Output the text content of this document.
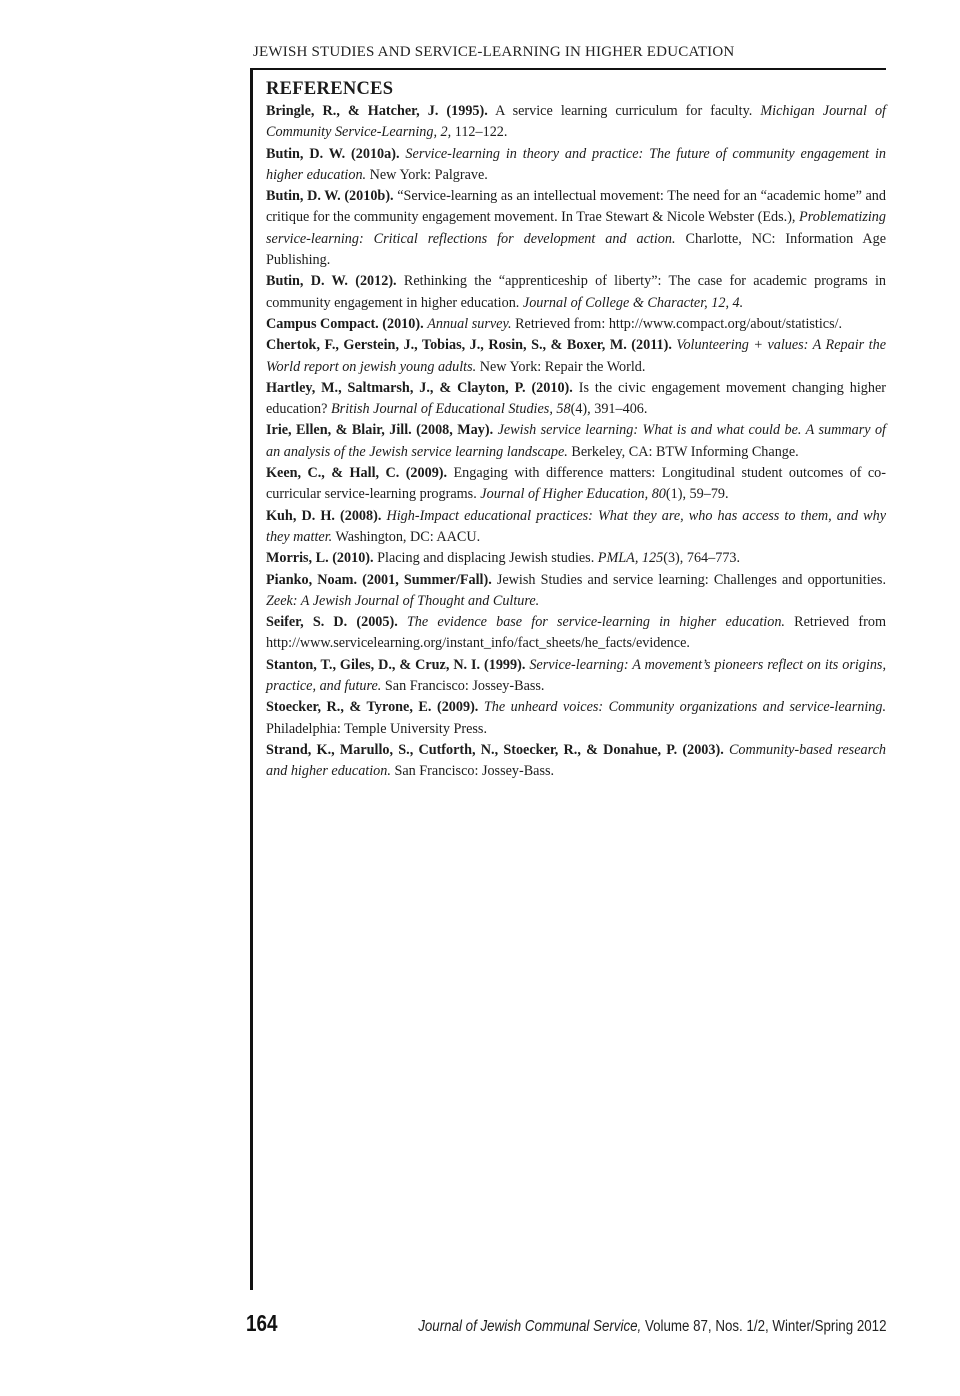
JEWISH STUDIES AND SERVICE-LEARNING IN HIGHER EDUCATION
REFERENCES

Bringle, R., & Hatcher, J. (1995). A service learning curriculum for faculty. Michigan Journal of Community Service-Learning, 2, 112–122.

Butin, D. W. (2010a). Service-learning in theory and practice: The future of community engagement in higher education. New York: Palgrave.

Butin, D. W. (2010b). “Service-learning as an intellectual movement: The need for an “academic home” and critique for the community engagement movement. In Trae Stewart & Nicole Webster (Eds.), Problematizing service-learning: Critical reflections for development and action. Charlotte, NC: Information Age Publishing.

Butin, D. W. (2012). Rethinking the “apprenticeship of liberty”: The case for academic programs in community engagement in higher education. Journal of College & Character, 12, 4.

Campus Compact. (2010). Annual survey. Retrieved from: http://www.compact.org/about/statistics/.

Chertok, F., Gerstein, J., Tobias, J., Rosin, S., & Boxer, M. (2011). Volunteering + values: A Repair the World report on jewish young adults. New York: Repair the World.

Hartley, M., Saltmarsh, J., & Clayton, P. (2010). Is the civic engagement movement changing higher education? British Journal of Educational Studies, 58(4), 391–406.

Irie, Ellen, & Blair, Jill. (2008, May). Jewish service learning: What is and what could be. A summary of an analysis of the Jewish service learning landscape. Berkeley, CA: BTW Informing Change.

Keen, C., & Hall, C. (2009). Engaging with difference matters: Longitudinal student outcomes of co-curricular service-learning programs. Journal of Higher Education, 80(1), 59–79.

Kuh, D. H. (2008). High-Impact educational practices: What they are, who has access to them, and why they matter. Washington, DC: AACU.

Morris, L. (2010). Placing and displacing Jewish studies. PMLA, 125(3), 764–773.

Pianko, Noam. (2001, Summer/Fall). Jewish Studies and service learning: Challenges and opportunities. Zeek: A Jewish Journal of Thought and Culture.

Seifer, S. D. (2005). The evidence base for service-learning in higher education. Retrieved from http://www.servicelearning.org/instant_info/fact_sheets/he_facts/evidence.

Stanton, T., Giles, D., & Cruz, N. I. (1999). Service-learning: A movement’s pioneers reflect on its origins, practice, and future. San Francisco: Jossey-Bass.

Stoecker, R., & Tyrone, E. (2009). The unheard voices: Community organizations and service-learning. Philadelphia: Temple University Press.

Strand, K., Marullo, S., Cutforth, N., Stoecker, R., & Donahue, P. (2003). Community-based research and higher education. San Francisco: Jossey-Bass.

164	Journal of Jewish Communal Service, Volume 87, Nos. 1/2, Winter/Spring 2012
